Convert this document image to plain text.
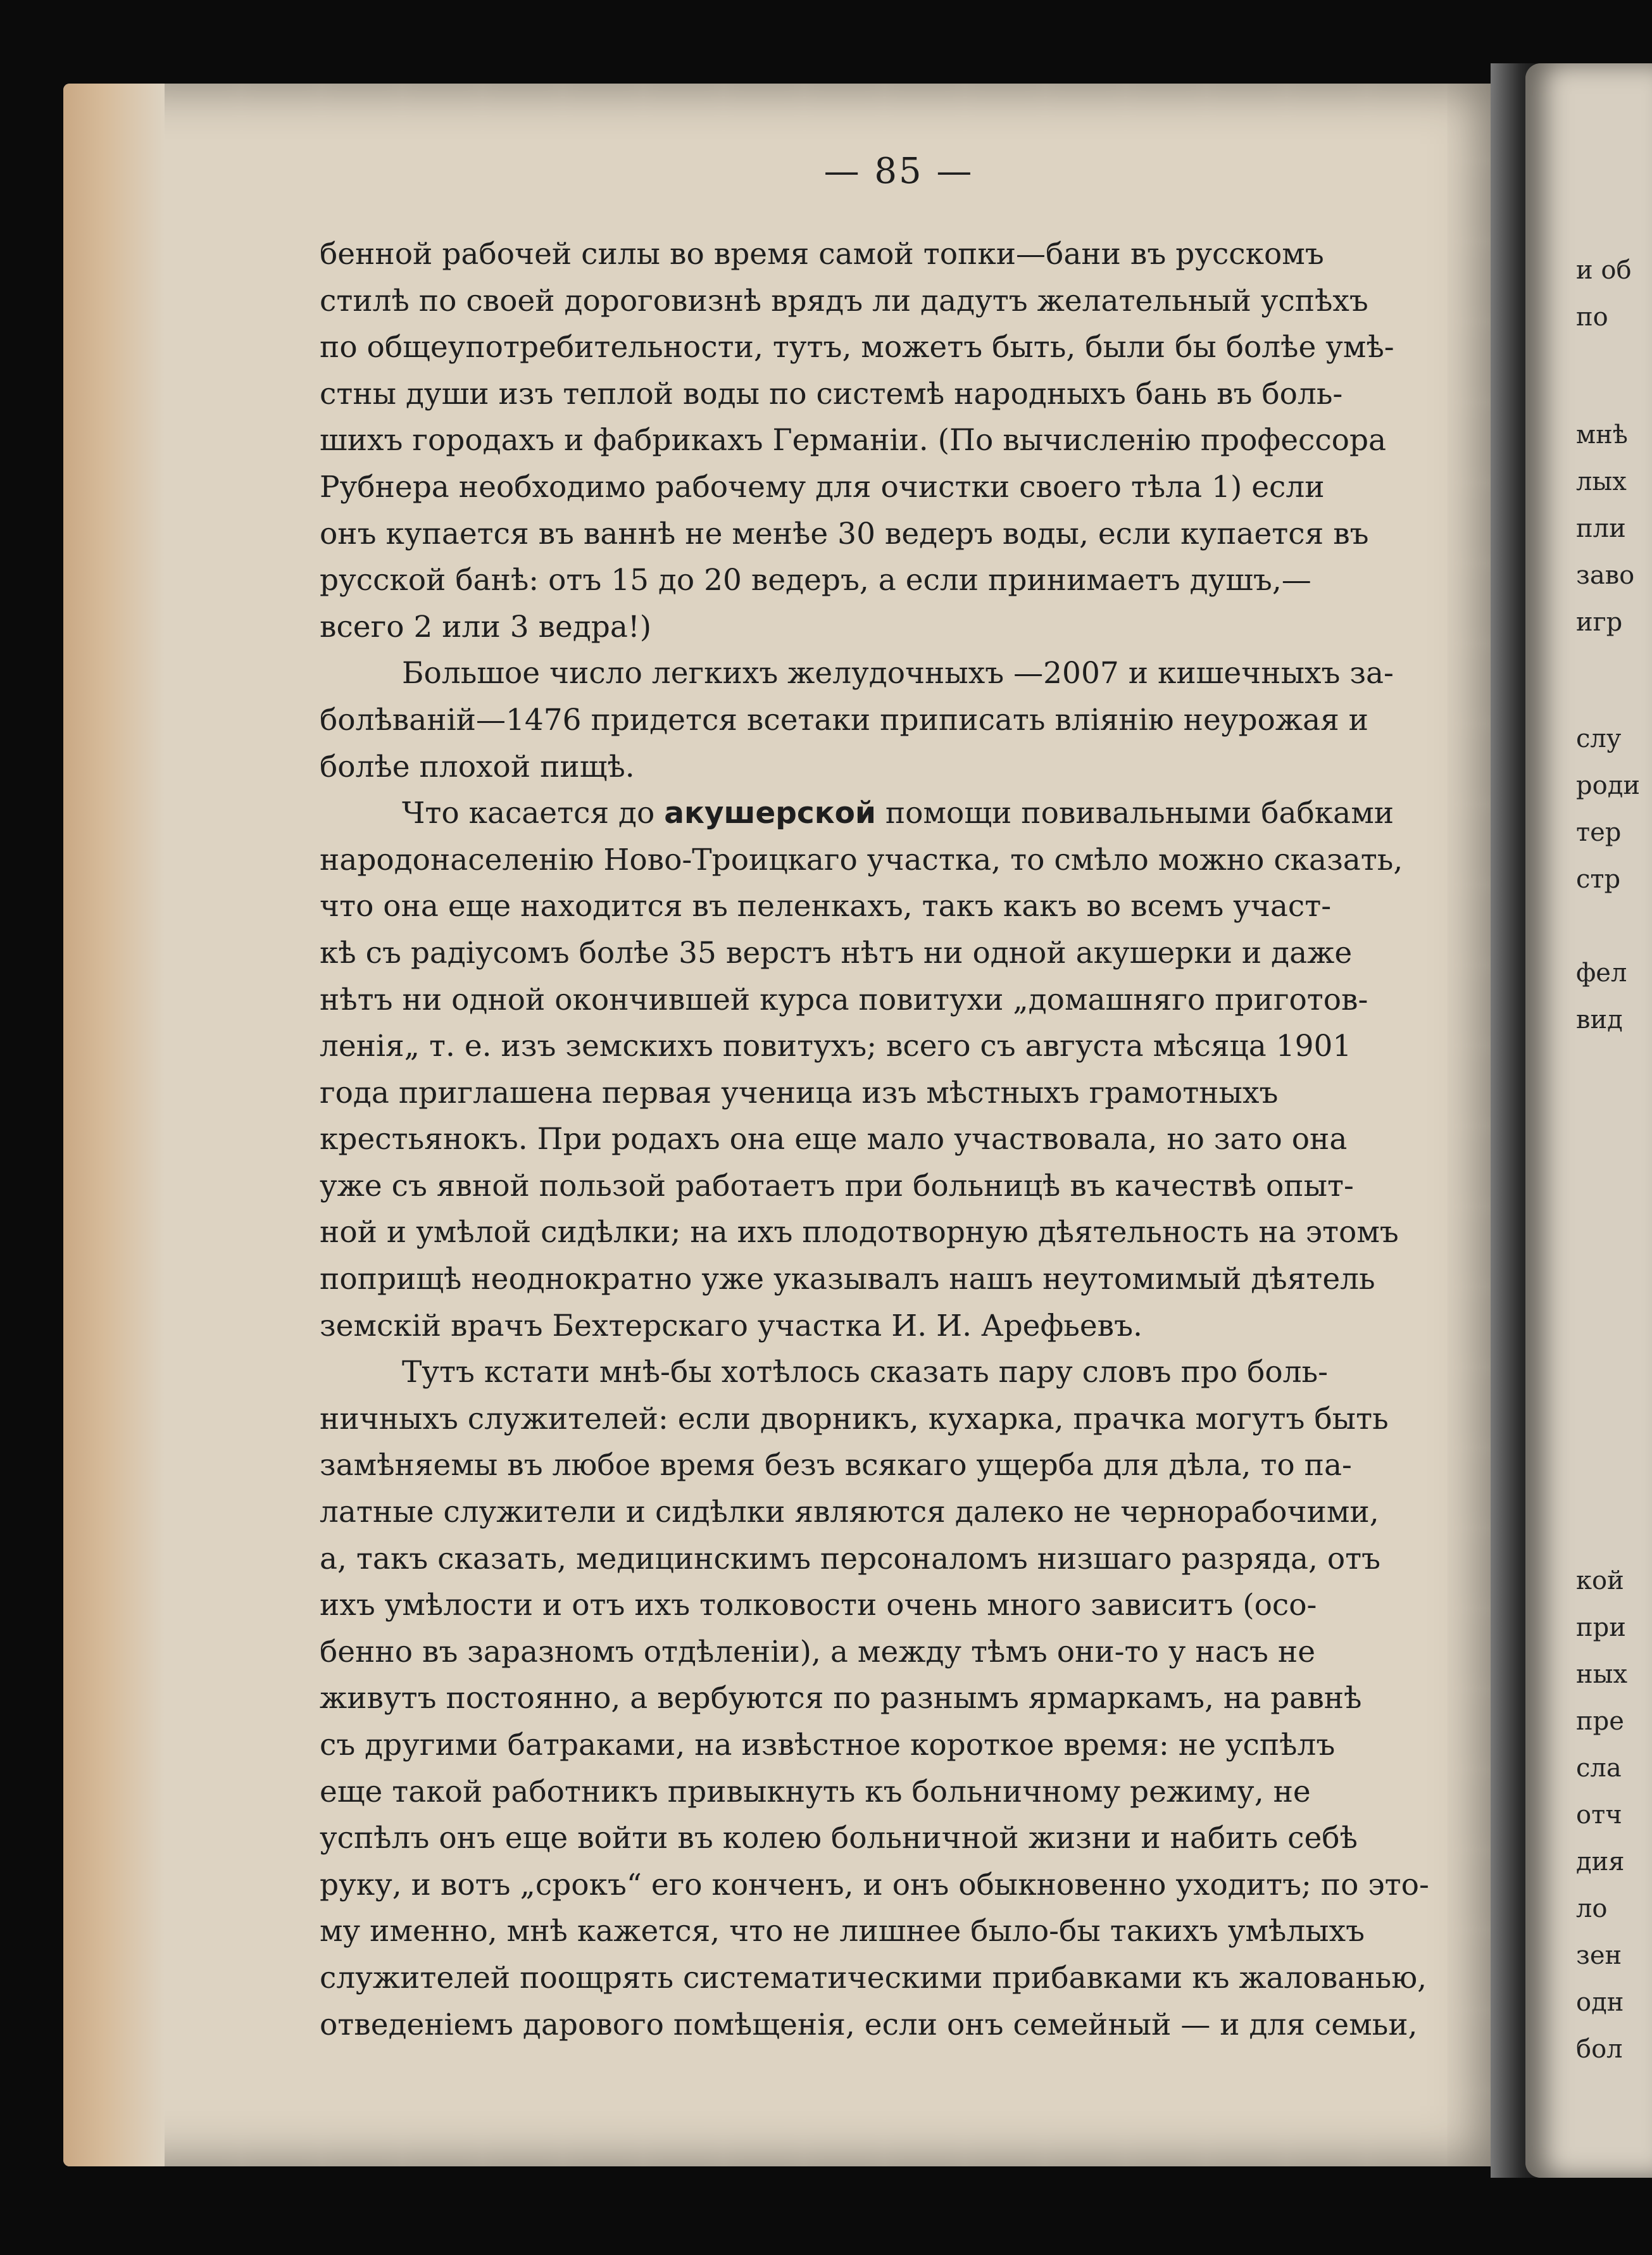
— 85 —
бенной рабочей силы во время самой топки—бани въ русскомъ
стилѣ по своей дороговизнѣ врядъ ли дадутъ желательный успѣхъ
по общеупотребительности, тутъ, можетъ быть, были бы болѣе умѣ-
стны души изъ теплой воды по системѣ народныхъ бань въ боль-
шихъ городахъ и фабрикахъ Германіи. (По вычисленію профессора
Рубнера необходимо рабочему для очистки своего тѣла 1) если
онъ купается въ ваннѣ не менѣе 30 ведеръ воды, если купается въ
русской банѣ: отъ 15 до 20 ведеръ, а если принимаетъ душъ,—
всего 2 или 3 ведра!)
Большое число легкихъ желудочныхъ —2007 и кишечныхъ за-
болѣваній—1476 придется всетаки приписать вліянію неурожая и
болѣе плохой пищѣ.
Что касается до акушерской помощи повивальными бабками
народонаселенію Ново-Троицкаго участка, то смѣло можно сказать,
что она еще находится въ пеленкахъ, такъ какъ во всемъ участ-
кѣ съ радіусомъ болѣе 35 верстъ нѣтъ ни одной акушерки и даже
нѣтъ ни одной окончившей курса повитухи „домашняго приготов-
ленія„ т. е. изъ земскихъ повитухъ; всего съ августа мѣсяца 1901
года приглашена первая ученица изъ мѣстныхъ грамотныхъ
крестьянокъ. При родахъ она еще мало участвовала, но зато она
уже съ явной пользой работаетъ при больницѣ въ качествѣ опыт-
ной и умѣлой сидѣлки; на ихъ плодотворную дѣятельность на этомъ
поприщѣ неоднократно уже указывалъ нашъ неутомимый дѣятель
земскій врачъ Бехтерскаго участка И. И. Арефьевъ.
Тутъ кстати мнѣ-бы хотѣлось сказать пару словъ про боль-
ничныхъ служителей: если дворникъ, кухарка, прачка могутъ быть
замѣняемы въ любое время безъ всякаго ущерба для дѣла, то па-
латные служители и сидѣлки являются далеко не чернорабочими,
а, такъ сказать, медицинскимъ персоналомъ низшаго разряда, отъ
ихъ умѣлости и отъ ихъ толковости очень много зависитъ (осо-
бенно въ заразномъ отдѣленіи), а между тѣмъ они-то у насъ не
живутъ постоянно, а вербуются по разнымъ ярмаркамъ, на равнѣ
съ другими батраками, на извѣстное короткое время: не успѣлъ
еще такой работникъ привыкнуть къ больничному режиму, не
успѣлъ онъ еще войти въ колею больничной жизни и набить себѣ
руку, и вотъ „срокъ“ его конченъ, и онъ обыкновенно уходитъ; по это-
му именно, мнѣ кажется, что не лишнее было-бы такихъ умѣлыхъ
служителей поощрять систематическими прибавками къ жалованью,
отведеніемъ дарового помѣщенія, если онъ семейный — и для семьи,
и об
по
мнѣ
лых
пли
заво
игр
слу
роди
тер
стр
фел
вид
кой
при
ных
пре
сла
отч
дия
ло
зен
одн
бол
